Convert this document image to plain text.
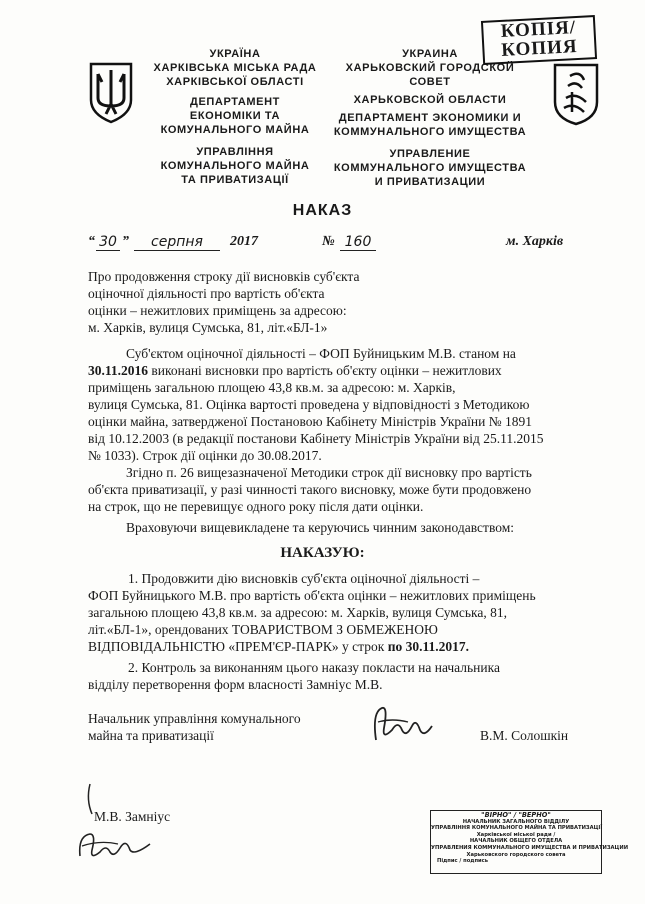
УКРАЇНА
ХАРКІВСЬКА МІСЬКА РАДА
ХАРКІВСЬКОЇ ОБЛАСТІ
ДЕПАРТАМЕНТ
ЕКОНОМІКИ ТА
КОМУНАЛЬНОГО МАЙНА
УПРАВЛІННЯ
КОМУНАЛЬНОГО МАЙНА
ТА ПРИВАТИЗАЦІЇ
УКРАИНА
ХАРЬКОВСКИЙ ГОРОДСКОЙ
СОВЕТ
ХАРЬКОВСКОЙ ОБЛАСТИ
ДЕПАРТАМЕНТ ЭКОНОМИКИ И
КОММУНАЛЬНОГО ИМУЩЕСТВА
УПРАВЛЕНИЕ
КОММУНАЛЬНОГО ИМУЩЕСТВА
И ПРИВАТИЗАЦИИ
КОПІЯ/
КОПИЯ
НАКАЗ
“ 30 ”	серпня	2017	№ 160	м. Харків
Про продовження строку дії висновків суб'єкта
оціночної діяльності про вартість об'єкта
оцінки – нежитлових приміщень за адресою:
м. Харків, вулиця Сумська, 81, літ.«БЛ-1»
Суб'єктом оціночної діяльності – ФОП Буйницьким М.В. станом на
30.11.2016 виконані висновки про вартість об'єкту оцінки – нежитлових
приміщень загальною площею 43,8 кв.м. за адресою: м. Харків,
вулиця Сумська, 81. Оцінка вартості проведена у відповідності з Методикою
оцінки майна, затвердженої Постановою Кабінету Міністрів України № 1891
від 10.12.2003 (в редакції постанови Кабінету Міністрів України від 25.11.2015
№ 1033). Строк дії оцінки до 30.08.2017.
Згідно п. 26 вищезазначеної Методики строк дії висновку про вартість
об'єкта приватизації, у разі чинності такого висновку, може бути продовжено
на строк, що не перевищує одного року після дати оцінки.
Враховуючи вищевикладене та керуючись чинним законодавством:
НАКАЗУЮ:
1. Продовжити дію висновків суб'єкта оціночної діяльності –
ФОП Буйницького М.В. про вартість об'єкта оцінки – нежитлових приміщень
загальною площею 43,8 кв.м. за адресою: м. Харків, вулиця Сумська, 81,
літ.«БЛ-1», орендованих ТОВАРИСТВОМ З ОБМЕЖЕНОЮ
ВІДПОВІДАЛЬНІСТЮ «ПРЕМ'ЄР-ПАРК» у строк по 30.11.2017.
2. Контроль за виконанням цього наказу покласти на начальника
відділу перетворення форм власності Замніус М.В.
Начальник управління комунального
майна та приватизації	В.М. Солошкін
М.В. Замніус	"ВІРНО" / "ВЕРНО"
НАЧАЛЬНИК ЗАГАЛЬНОГО ВІДДІЛУ
УПРАВЛІННЯ КОМУНАЛЬНОГО МАЙНА ТА ПРИВАТИЗАЦІЇ
Харківської міської ради /
НАЧАЛЬНИК ОБЩЕГО ОТДЕЛА
УПРАВЛЕНИЯ КОММУНАЛЬНОГО ИМУЩЕСТВА И ПРИВАТИЗАЦИИ
Харьковского городского совета
Підпис / подпись
